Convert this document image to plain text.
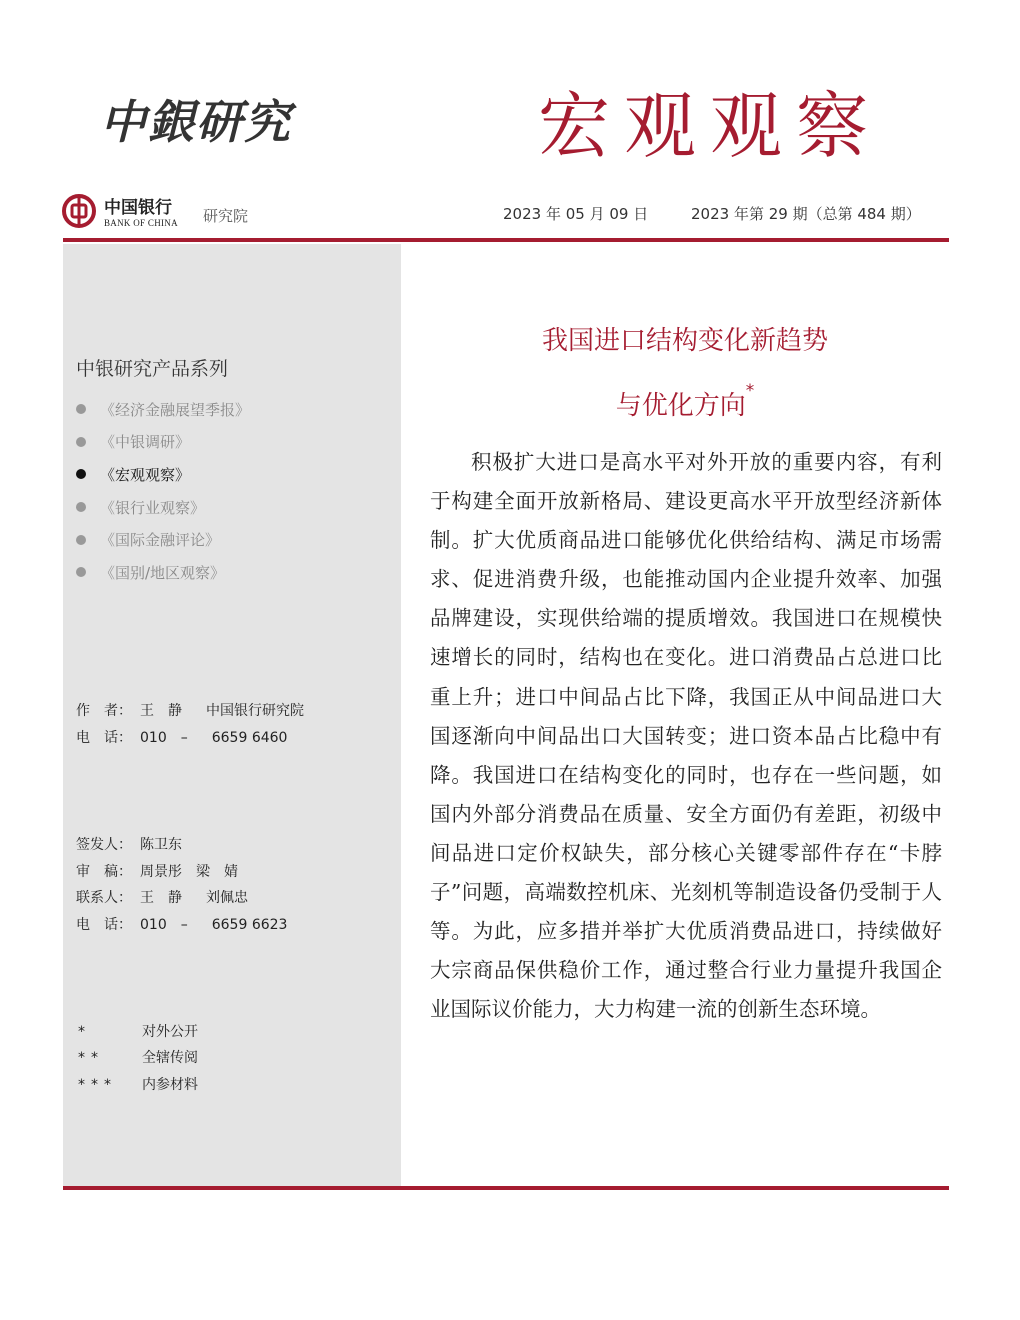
中銀研究	宏观观察
中国银行
BANK OF CHINA 研究院	2023 年 05 月 09 日	2023 年第 29 期（总第 484 期）
中银研究产品系列
《经济金融展望季报》
《中银调研》
《宏观观察》
《银行业观察》
《国际金融评论》
《国别/地区观察》
作　者： 王　静 中国银行研究院
电　话： 010　– 6659 6460
签发人： 陈卫东
审　稿： 周景彤　梁　婧
联系人： 王　静 刘佩忠
电　话： 010　– 6659 6623
*	对外公开
**	全辖传阅
*** 内参材料
我国进口结构变化新趋势
与优化方向*

积极扩大进口是高水平对外开放的重要内容，有利于构建全面开放新格局、建设更高水平开放型经济新体制。扩大优质商品进口能够优化供给结构、满足市场需求、促进消费升级，也能推动国内企业提升效率、加强品牌建设，实现供给端的提质增效。我国进口在规模快速增长的同时，结构也在变化。进口消费品占总进口比重上升；进口中间品占比下降，我国正从中间品进口大国逐渐向中间品出口大国转变；进口资本品占比稳中有降。我国进口在结构变化的同时，也存在一些问题，如国内外部分消费品在质量、安全方面仍有差距，初级中间品进口定价权缺失，部分核心关键零部件存在“卡脖子”问题，高端数控机床、光刻机等制造设备仍受制于人等。为此，应多措并举扩大优质消费品进口，持续做好大宗商品保供稳价工作，通过整合行业力量提升我国企业国际议价能力，大力构建一流的创新生态环境。
